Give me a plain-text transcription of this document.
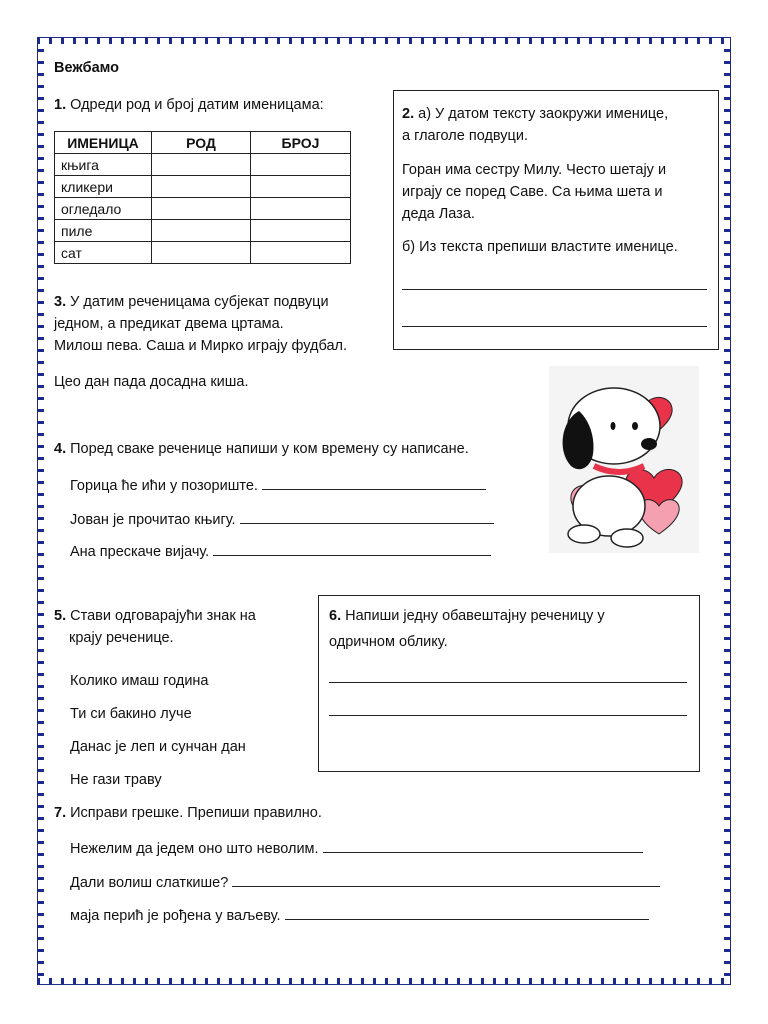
Вежбамо
1. Одреди род и број датим именицама:
ИМЕНИЦА	РОД	БРОЈ
књига		
кликери		
огледало		
пиле		
сат		

2. а) У датом тексту заокружи именице,

а глаголе подвуци.

Горан има сестру Милу. Често шетају и

играју се поред Саве. Са њима шета и

деда Лаза.

б) Из текста препиши властите именице.

3. У датим реченицама субјекат подвуци

једном, а предикат двема цртама.

Милош пева. Саша и Мирко играју фудбал.

Цео дан пада досадна киша.
4. Поред сваке реченице напиши у ком времену су написане.
Горица ће ићи у позориште.
Јован је прочитао књигу.
Ана прескаче вијачу.

5. Стави одговарајући знак на

крају реченице.

Колико имаш година
Ти си бакино луче
Данас је леп и сунчан дан
Не гази траву

6. Напиши једну обавештајну реченицу у

одричном облику.

7. Исправи грешке. Препиши правилно.
Нежелим да једем оно што неволим.
Дали волиш слаткише?
маја перић је рођена у ваљеву.
